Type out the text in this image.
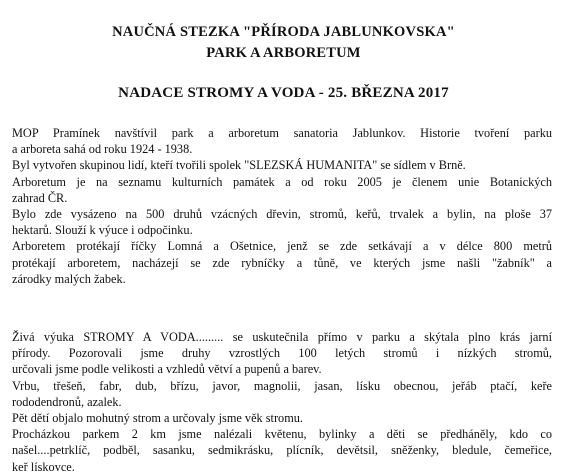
NAUČNÁ STEZKA "PŘÍRODA JABLUNKOVSKA"
PARK A ARBORETUM
NADACE STROMY A VODA - 25. BŘEZNA 2017
MOP Pramínek navštívil park a arboretum sanatoria Jablunkov. Historie tvoření parku
a arboreta sahá od roku 1924 - 1938.
Byl vytvořen skupinou lidí, kteří tvořili spolek "SLEZSKÁ HUMANITA" se sídlem v Brně.
Arboretum je na seznamu kulturních památek a od roku 2005 je členem unie Botanických
zahrad ČR.
Bylo zde vysázeno na 500 druhů vzácných dřevin, stromů, keřů, trvalek a bylin, na ploše 37
hektarů. Slouží k výuce i odpočinku.
Arboretem protékají říčky Lomná a Ošetnice, jenž se zde setkávají a v délce 800 metrů
protékají arboretem, nacházejí se zde rybníčky a tůně, ve kterých jsme našli "žabník" a
zárodky malých žabek.
Živá výuka STROMY A VODA......... se uskutečnila přímo v parku a skýtala plno krás jarní
přírody. Pozorovali jsme druhy vzrostlých 100 letých stromů i nízkých stromů,
určovali jsme podle velikosti a vzhledů větví a pupenů a barev.
Vrbu, třešeň, fabr, dub, břízu, javor, magnolii, jasan, lísku obecnou, jeřáb ptačí, keře
rododendronů, azalek.
Pět dětí objalo mohutný strom a určovaly jsme věk stromu.
Procházkou parkem 2 km jsme nalézali květenu, bylinky a děti se předháněly, kdo co
našel....petrklíč, podběl, sasanku, sedmikrásku, plícník, devětsil, sněženky, bledule, čemeřice,
keř lískovce.
